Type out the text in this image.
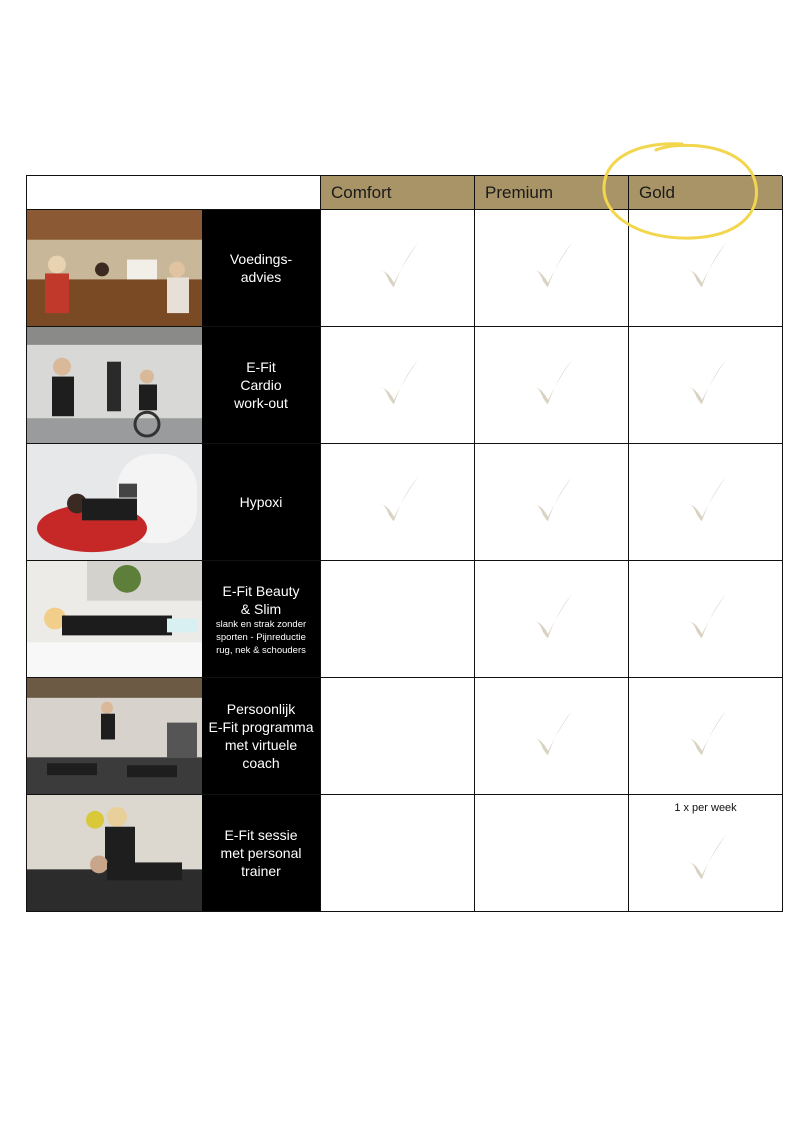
Comfort	Premium	Gold
Voedings-
advies
E-Fit
Cardio
work-out
Hypoxi
E-Fit Beauty
& Slim
slank en strak zonder
sporten - Pijnreductie
rug, nek & schouders
Persoonlijk
E-Fit programma
met virtuele
coach
E-Fit sessie
met personal
trainer
1 x per week
